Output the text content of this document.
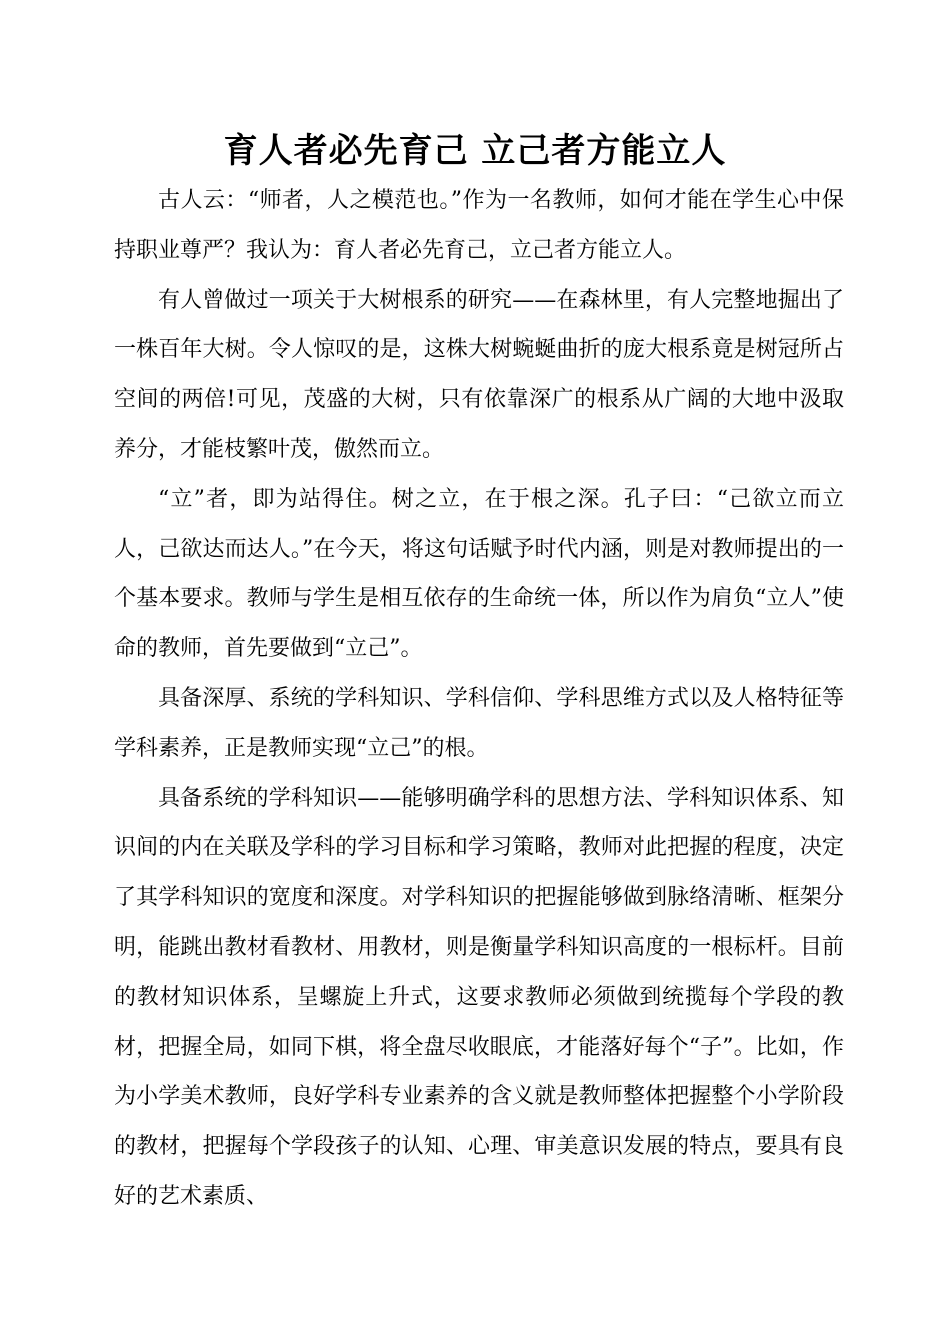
育人者必先育己 立己者方能立人

古人云：“师者，人之模范也。”作为一名教师，如何才能在学生心中保持职业尊严？我认为：育人者必先育己，立己者方能立人。

有人曾做过一项关于大树根系的研究——在森林里，有人完整地掘出了一株百年大树。令人惊叹的是，这株大树蜿蜒曲折的庞大根系竟是树冠所占空间的两倍!可见，茂盛的大树，只有依靠深广的根系从广阔的大地中汲取养分，才能枝繁叶茂，傲然而立。

“立”者，即为站得住。树之立，在于根之深。孔子曰：“己欲立而立人，己欲达而达人。”在今天，将这句话赋予时代内涵，则是对教师提出的一个基本要求。教师与学生是相互依存的生命统一体，所以作为肩负“立人”使命的教师，首先要做到“立己”。

具备深厚、系统的学科知识、学科信仰、学科思维方式以及人格特征等学科素养，正是教师实现“立己”的根。

具备系统的学科知识——能够明确学科的思想方法、学科知识体系、知识间的内在关联及学科的学习目标和学习策略，教师对此把握的程度，决定了其学科知识的宽度和深度。对学科知识的把握能够做到脉络清晰、框架分明，能跳出教材看教材、用教材，则是衡量学科知识高度的一根标杆。目前的教材知识体系，呈螺旋上升式，这要求教师必须做到统揽每个学段的教材，把握全局，如同下棋，将全盘尽收眼底，才能落好每个“子”。比如，作为小学美术教师，良好学科专业素养的含义就是教师整体把握整个小学阶段的教材，把握每个学段孩子的认知、心理、审美意识发展的特点，要具有良好的艺术素质、
